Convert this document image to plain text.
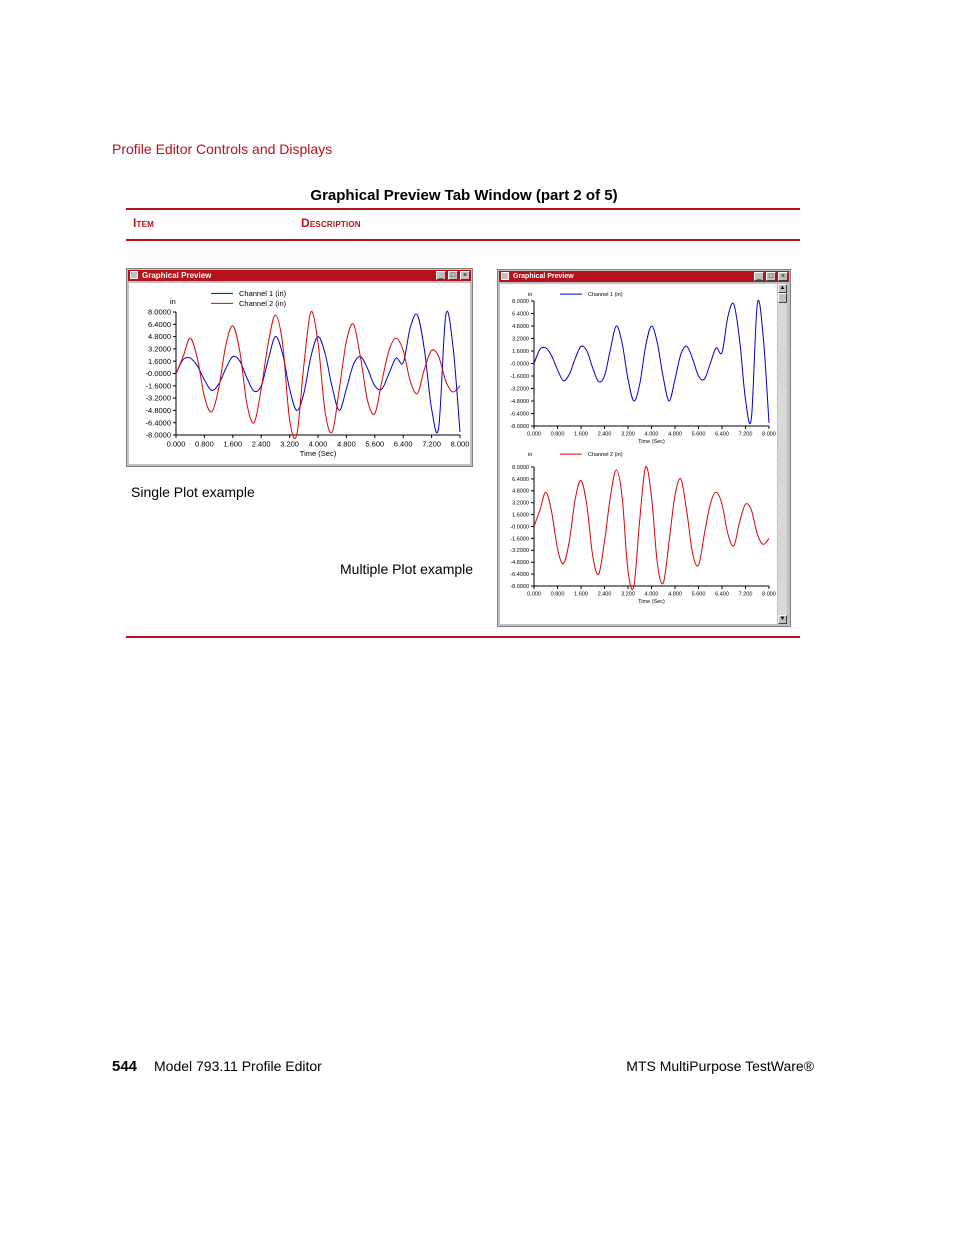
Profile Editor Controls and Displays
Graphical Preview Tab Window (part 2 of 5)
Item	Description
Graphical Preview	_	□	×
8.0000
6.4000
4.8000
3.2000
1.6000
-0.0000
-1.6000
-3.2000
-4.8000
-6.4000
-8.0000
0.000 0.800 1.600 2.400 3.200 4.000 4.800 5.600 6.400 7.200 8.000
Time (Sec)
in
Channel 1 (in)
Channel 2 (in)
Single Plot example
Multiple Plot example
Graphical Preview	_	□	×
8.0000
6.4000
4.8000
3.2000
1.6000
-0.0000
-1.6000
-3.2000
-4.8000
-6.4000
-8.0000
0.000 0.800 1.600 2.400 3.200 4.000 4.800 5.600 6.400 7.200 8.000
Time (Sec)
in	Channel 1 (in)
8.0000
6.4000
4.8000
3.2000
1.6000
-0.0000
-1.6000
-3.2000
-4.8000
-6.4000
-8.0000
0.000 0.800 1.600 2.400 3.200 4.000 4.800 5.600 6.400 7.200 8.000
Time (Sec)
in	Channel 2 (in)
▲
▼
544 Model 793.11 Profile Editor	MTS MultiPurpose TestWare®
